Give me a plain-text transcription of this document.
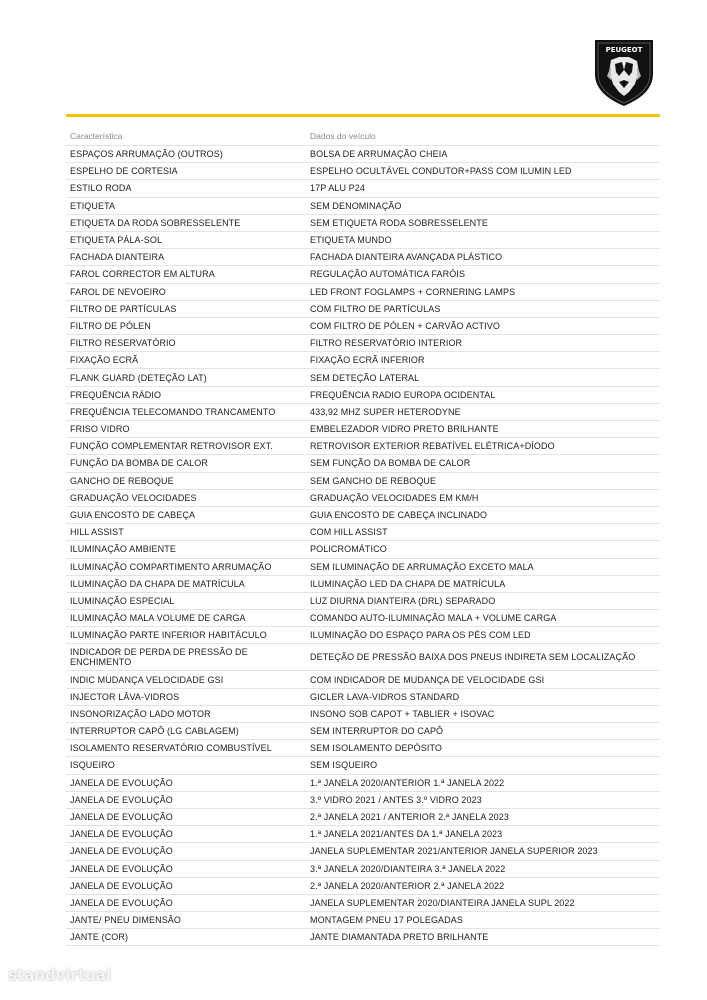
PEUGEOT
Característica	Dados do veículo
ESPAÇOS ARRUMAÇÃO (OUTROS)	BOLSA DE ARRUMAÇÃO CHEIA
ESPELHO DE CORTESIA	ESPELHO OCULTÁVEL CONDUTOR+PASS COM ILUMIN LED
ESTILO RODA	17P ALU P24
ETIQUETA	SEM DENOMINAÇÃO
ETIQUETA DA RODA SOBRESSELENTE	SEM ETIQUETA RODA SOBRESSELENTE
ETIQUETA PÁLA-SOL	ETIQUETA MUNDO
FACHADA DIANTEIRA	FACHADA DIANTEIRA AVANÇADA PLÁSTICO
FAROL CORRECTOR EM ALTURA	REGULAÇÃO AUTOMÁTICA FARÓIS
FAROL DE NEVOEIRO	LED FRONT FOGLAMPS + CORNERING LAMPS
FILTRO DE PARTÍCULAS	COM FILTRO DE PARTÍCULAS
FILTRO DE PÓLEN	COM FILTRO DE PÓLEN + CARVÃO ACTIVO
FILTRO RESERVATÓRIO	FILTRO RESERVATÓRIO INTERIOR
FIXAÇÃO ECRÃ	FIXAÇÃO ECRÃ INFERIOR
FLANK GUARD (DETEÇÃO LAT)	SEM DETEÇÃO LATERAL
FREQUÊNCIA RÁDIO	FREQUÊNCIA RADIO EUROPA OCIDENTAL
FREQUÊNCIA TELECOMANDO TRANCAMENTO	433,92 MHZ SUPER HETERODYNE
FRISO VIDRO	EMBELEZADOR VIDRO PRETO BRILHANTE
FUNÇÃO COMPLEMENTAR RETROVISOR EXT.	RETROVISOR EXTERIOR REBATÍVEL ELÉTRICA+DÍODO
FUNÇÃO DA BOMBA DE CALOR	SEM FUNÇÃO DA BOMBA DE CALOR
GANCHO DE REBOQUE	SEM GANCHO DE REBOQUE
GRADUAÇÃO VELOCIDADES	GRADUAÇÃO VELOCIDADES EM KM/H
GUIA ENCOSTO DE CABEÇA	GUIA ENCOSTO DE CABEÇA INCLINADO
HILL ASSIST	COM HILL ASSIST
ILUMINAÇÃO AMBIENTE	POLICROMÁTICO
ILUMINAÇÃO COMPARTIMENTO ARRUMAÇÃO	SEM ILUMINAÇÃO DE ARRUMAÇÃO EXCETO MALA
ILUMINAÇÃO DA CHAPA DE MATRÍCULA	ILUMINAÇÃO LED DA CHAPA DE MATRÍCULA
ILUMINAÇÃO ESPECIAL	LUZ DIURNA DIANTEIRA (DRL) SEPARADO
ILUMINAÇÃO MALA VOLUME DE CARGA	COMANDO AUTO-ILUMINAÇÃO MALA + VOLUME CARGA
ILUMINAÇÃO PARTE INFERIOR HABITÁCULO	ILUMINAÇÃO DO ESPAÇO PARA OS PÉS COM LED
INDICADOR DE PERDA DE PRESSÃO DE ENCHIMENTO	DETEÇÃO DE PRESSÃO BAIXA DOS PNEUS INDIRETA SEM LOCALIZAÇÃO
INDIC MUDANÇA VELOCIDADE GSI	COM INDICADOR DE MUDANÇA DE VELOCIDADE GSI
INJECTOR LÂVA-VIDROS	GICLER LAVA-VIDROS STANDARD
INSONORIZAÇÃO LADO MOTOR	INSONO SOB CAPOT + TABLIER + ISOVAC
INTERRUPTOR CAPÔ (LG CABLAGEM)	SEM INTERRUPTOR DO CAPÔ
ISOLAMENTO RESERVATÓRIO COMBUSTÍVEL	SEM ISOLAMENTO DEPÓSITO
ISQUEIRO	SEM ISQUEIRO
JANELA DE EVOLUÇÃO	1.ª JANELA 2020/ANTERIOR 1.ª JANELA 2022
JANELA DE EVOLUÇÃO	3.º VIDRO 2021 / ANTES 3.º VIDRO 2023
JANELA DE EVOLUÇÃO	2.ª JANELA 2021 / ANTERIOR 2.ª JANELA 2023
JANELA DE EVOLUÇÃO	1.ª JANELA 2021/ANTES DA 1.ª JANELA 2023
JANELA DE EVOLUÇÃO	JANELA SUPLEMENTAR 2021/ANTERIOR JANELA SUPERIOR 2023
JANELA DE EVOLUÇÃO	3.ª JANELA 2020/DIANTEIRA 3.ª JANELA 2022
JANELA DE EVOLUÇÃO	2.ª JANELA 2020/ANTERIOR 2.ª JANELA 2022
JANELA DE EVOLUÇÃO	JANELA SUPLEMENTAR 2020/DIANTEIRA JANELA SUPL 2022
JANTE/ PNEU DIMENSÃO	MONTAGEM PNEU 17 POLEGADAS
JANTE (COR)	JANTE DIAMANTADA PRETO BRILHANTE
standvirtual
